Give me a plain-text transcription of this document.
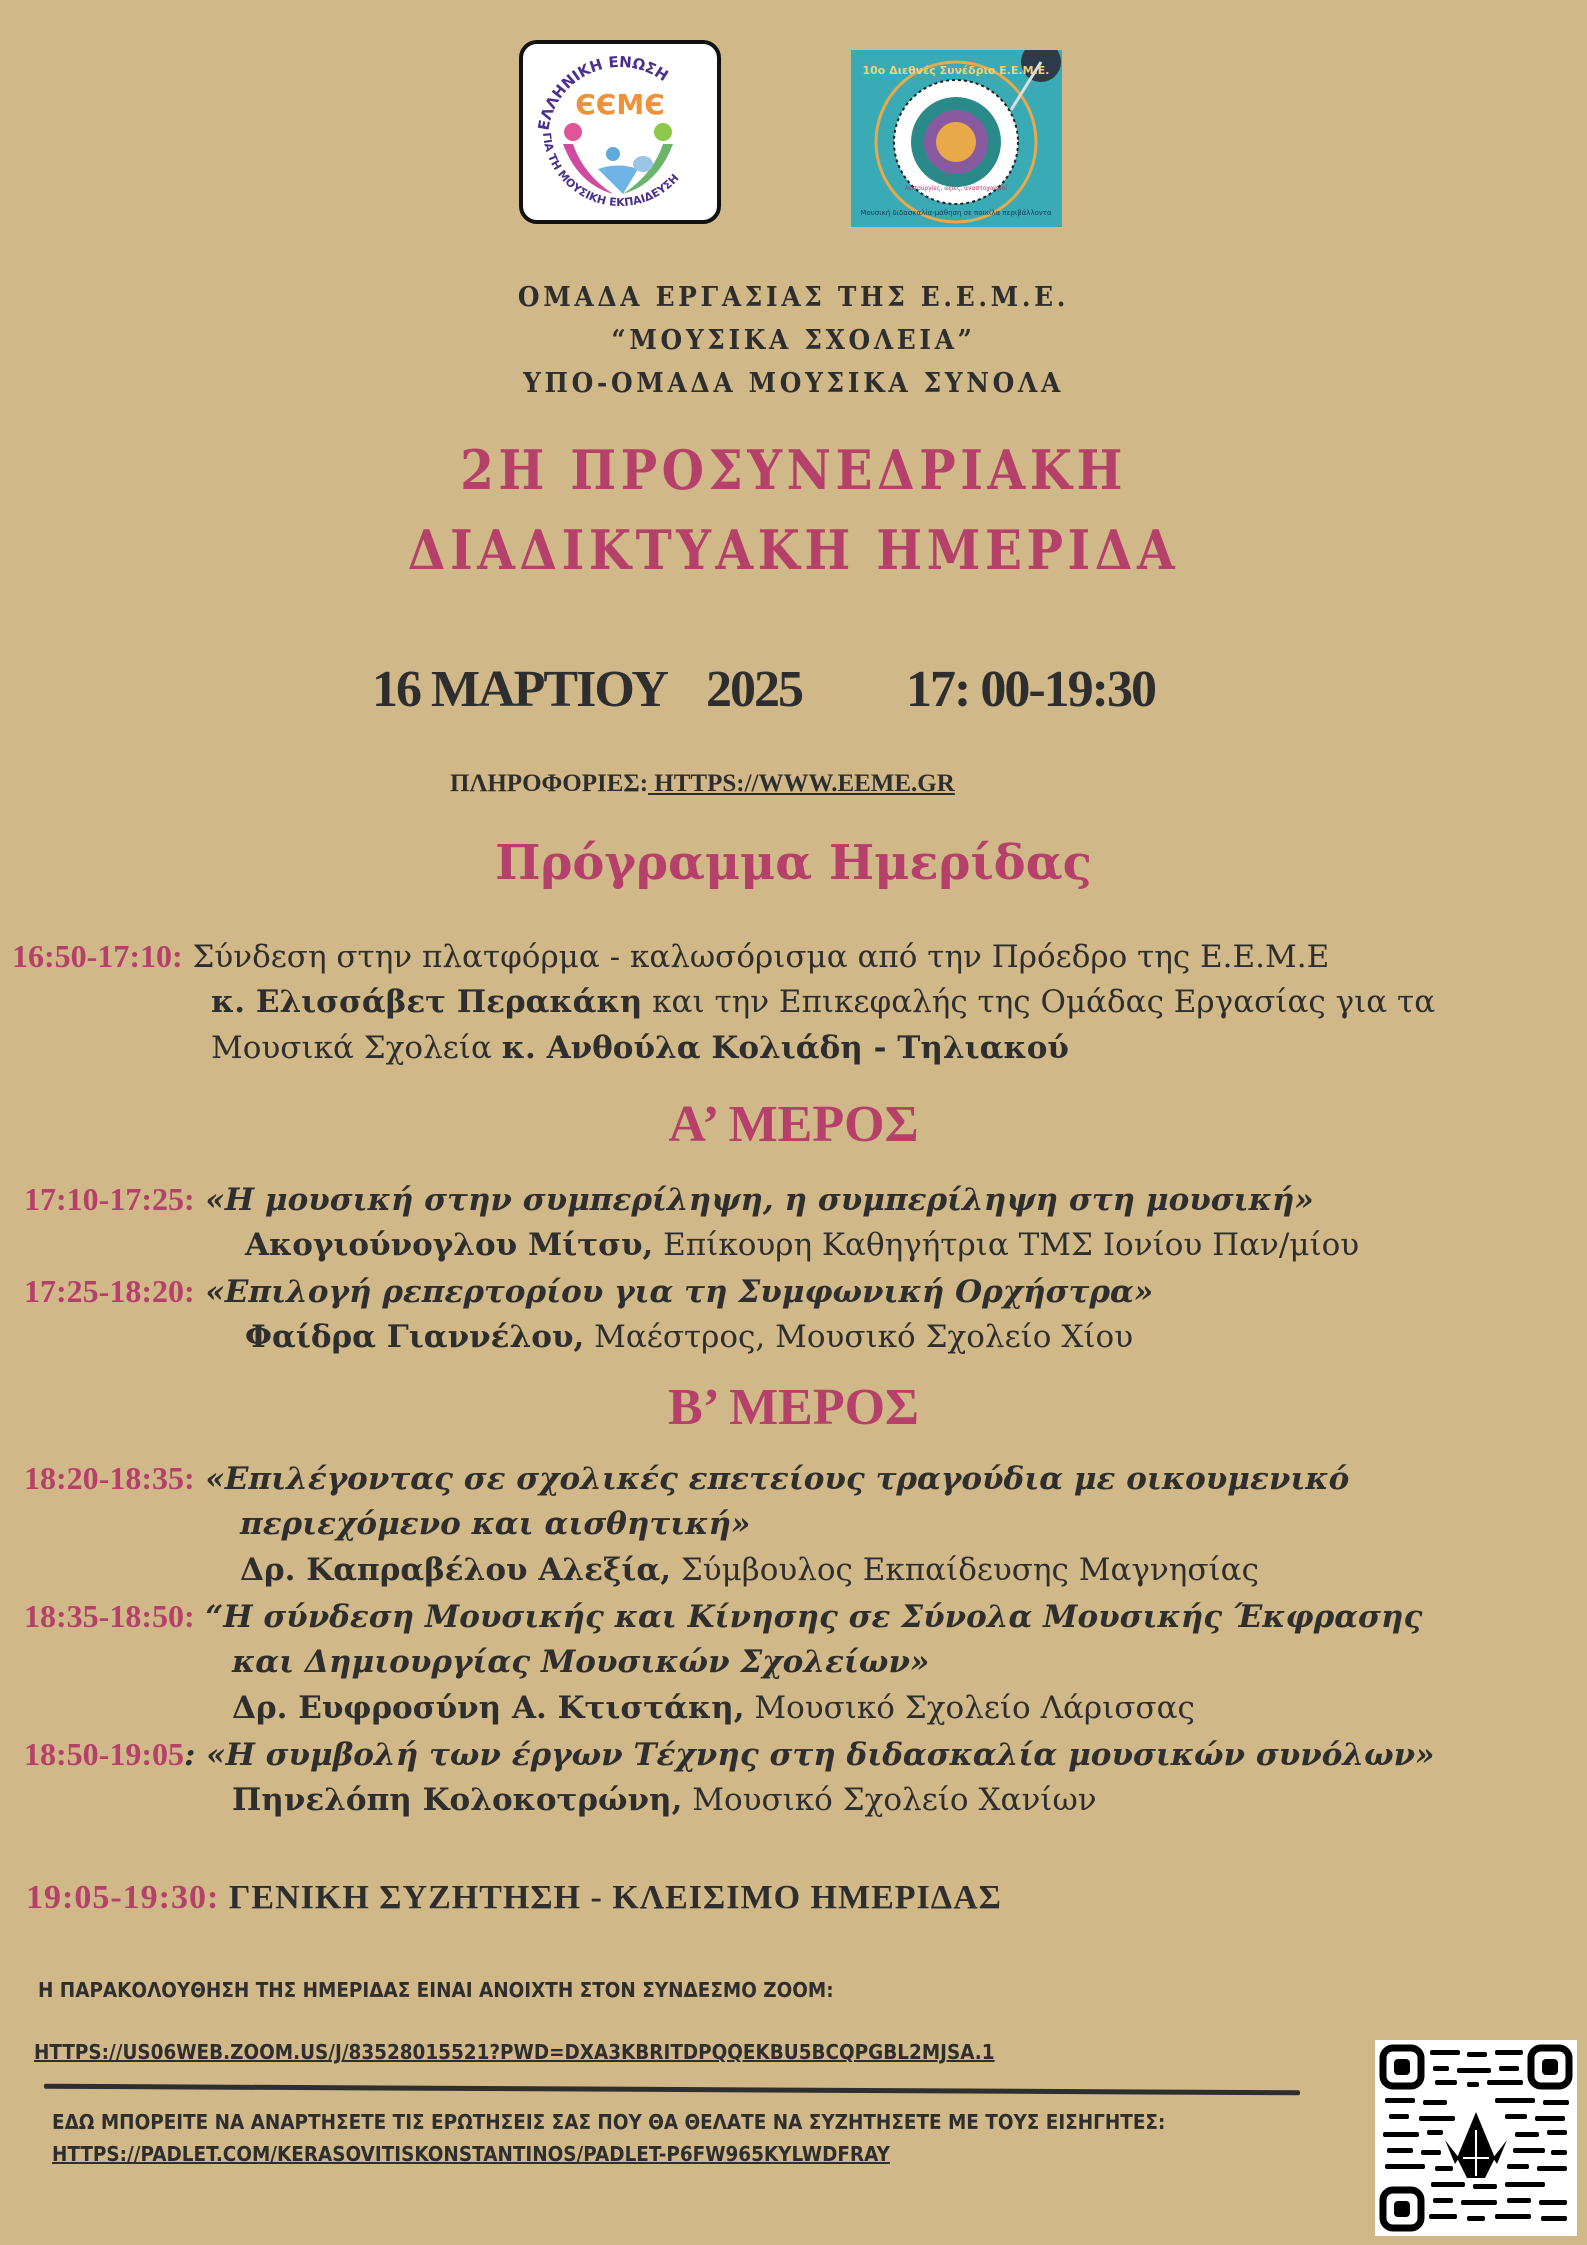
ΕΛΛΗΝΙΚΗ ΕΝΩΣΗ
ΓΙΑ ΤΗ ΜΟΥΣΙΚΗ ΕΚΠΑΙΔΕΥΣΗ
ЄЄМЄ
10ο Διεθνές Συνέδριο Ε.Ε.Μ.Ε.
λειτουργίες, αξίες, αναστοχασμοί
Μουσική διδασκαλία-μάθηση σε ποικίλα περιβάλλοντα
ΟΜΑΔΑ ΕΡΓΑΣΙΑΣ ΤΗΣ Ε.Ε.Μ.Ε.
“ΜΟΥΣΙΚΑ ΣΧΟΛΕΙΑ”
ΥΠΟ-ΟΜΑΔΑ ΜΟΥΣΙΚΑ ΣΥΝΟΛΑ
2Η ΠΡΟΣΥΝΕΔΡΙΑΚΗ
ΔΙΑΔΙΚΤΥΑΚΗ ΗΜΕΡΙΔΑ
16 ΜΑΡΤΙΟΥ 2025 17: 00-19:30
ΠΛΗΡΟΦΟΡΙΕΣ: HTTPS://WWW.EEME.GR
Πρόγραμμα Ημερίδας
16:50-17:10: Σύνδεση στην πλατφόρμα - καλωσόρισμα από την Πρόεδρο της Ε.Ε.Μ.Ε
κ. Ελισσάβετ Περακάκη και την Επικεφαλής της Ομάδας Εργασίας για τα
Μουσικά Σχολεία κ. Ανθούλα Κολιάδη - Τηλιακού
Α’ ΜΕΡΟΣ
17:10-17:25: «Η μουσική στην συμπερίληψη, η συμπερίληψη στη μουσική»
Ακογιούνογλου Μίτσυ, Επίκουρη Καθηγήτρια ΤΜΣ Ιονίου Παν/μίου
17:25-18:20: «Επιλογή ρεπερτορίου για τη Συμφωνική Ορχήστρα»
Φαίδρα Γιαννέλου, Μαέστρος, Μουσικό Σχολείο Χίου
Β’ ΜΕΡΟΣ
18:20-18:35: «Επιλέγοντας σε σχολικές επετείους τραγούδια με οικουμενικό
περιεχόμενο και αισθητική»
Δρ. Καπραβέλου Αλεξία, Σύμβουλος Εκπαίδευσης Μαγνησίας
18:35-18:50: “Η σύνδεση Μουσικής και Κίνησης σε Σύνολα Μουσικής Έκφρασης
και Δημιουργίας Μουσικών Σχολείων»
Δρ. Ευφροσύνη Α. Κτιστάκη, Μουσικό Σχολείο Λάρισσας
18:50-19:05: «Η συμβολή των έργων Τέχνης στη διδασκαλία μουσικών συνόλων»
Πηνελόπη Κολοκοτρώνη, Μουσικό Σχολείο Χανίων
19:05-19:30: ΓΕΝΙΚΗ ΣΥΖΗΤΗΣΗ - ΚΛΕΙΣΙΜΟ ΗΜΕΡΙΔΑΣ
Η ΠΑΡΑΚΟΛΟΥΘΗΣΗ ΤΗΣ ΗΜΕΡΙΔΑΣ ΕΙΝΑΙ ΑΝΟΙΧΤΗ ΣΤΟΝ ΣΥΝΔΕΣΜΟ ZOOM:
HTTPS://US06WEB.ZOOM.US/J/83528015521?PWD=DXA3KBRITDPQQEKBU5BCQPGBL2MJSA.1
ΕΔΩ ΜΠΟΡΕΙΤΕ ΝΑ ΑΝΑΡΤΗΣΕΤΕ ΤΙΣ ΕΡΩΤΗΣΕΙΣ ΣΑΣ ΠΟΥ ΘΑ ΘΕΛΑΤΕ ΝΑ ΣΥΖΗΤΗΣΕΤΕ ΜΕ ΤΟΥΣ ΕΙΣΗΓΗΤΕΣ:
HTTPS://PADLET.COM/KERASOVITISKONSTANTINOS/PADLET-P6FW965KYLWDFRAY
